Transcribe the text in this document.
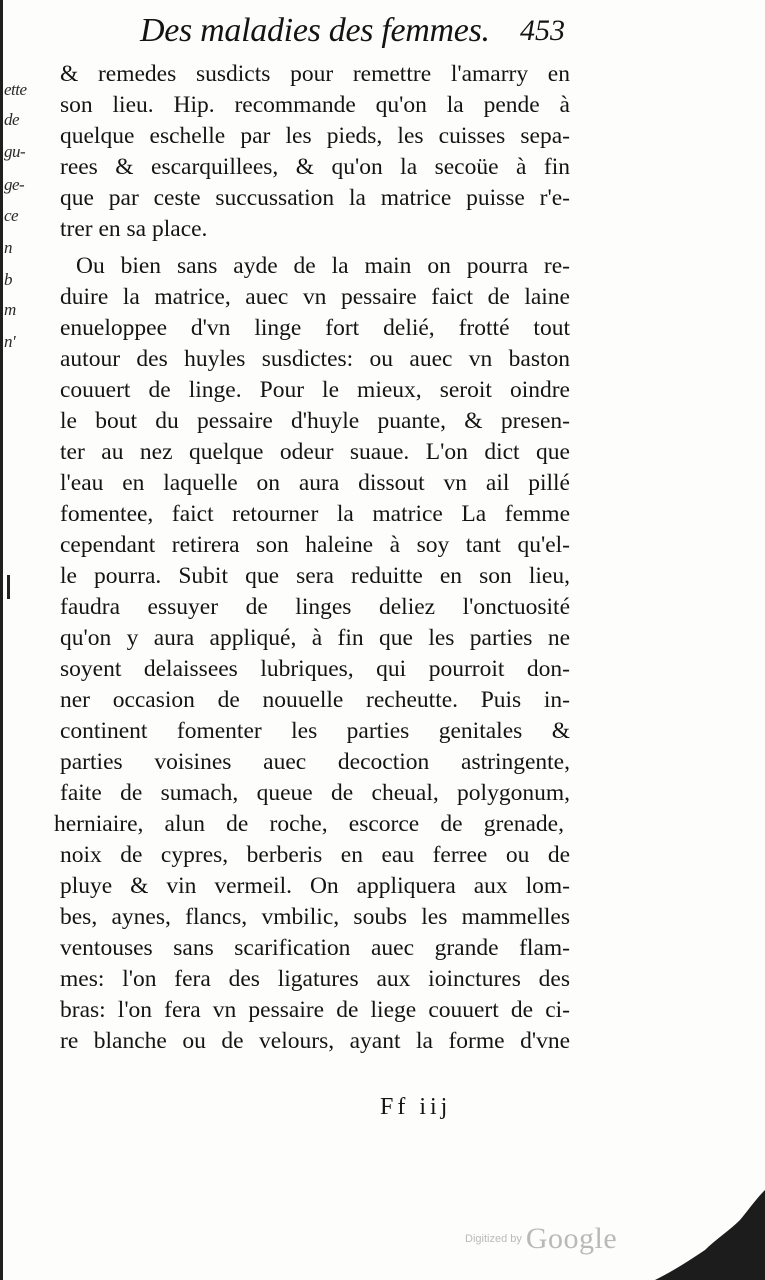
ette
de
gu-
ge-
ce
n
b
m
n'
Des maladies des femmes. 453
& remedes susdicts pour remettre l'amarry en
son lieu. Hip. recommande qu'on la pende à
quelque eschelle par les pieds, les cuisses sepa-
rees & escarquillees, & qu'on la secoüe à fin
que par ceste succussation la matrice puisse r'e-
trer en sa place.
Ou bien sans ayde de la main on pourra re-
duire la matrice, auec vn pessaire faict de laine
enueloppee d'vn linge fort delié, frotté tout
autour des huyles susdictes: ou auec vn baston
couuert de linge. Pour le mieux, seroit oindre
le bout du pessaire d'huyle puante, & presen-
ter au nez quelque odeur suaue. L'on dict que
l'eau en laquelle on aura dissout vn ail pillé
fomentee, faict retourner la matrice La femme
cependant retirera son haleine à soy tant qu'el-
le pourra. Subit que sera reduitte en son lieu,
faudra essuyer de linges deliez l'onctuosité
qu'on y aura appliqué, à fin que les parties ne
soyent delaissees lubriques, qui pourroit don-
ner occasion de nouuelle recheutte. Puis in-
continent fomenter les parties genitales &
parties voisines auec decoction astringente,
faite de sumach, queue de cheual, polygonum,
herniaire, alun de roche, escorce de grenade,
noix de cypres, berberis en eau ferree ou de
pluye & vin vermeil. On appliquera aux lom-
bes, aynes, flancs, vmbilic, soubs les mammelles
ventouses sans scarification auec grande flam-
mes: l'on fera des ligatures aux ioinctures des
bras: l'on fera vn pessaire de liege couuert de ci-
re blanche ou de velours, ayant la forme d'vne
Ff iij
Digitized by Google
